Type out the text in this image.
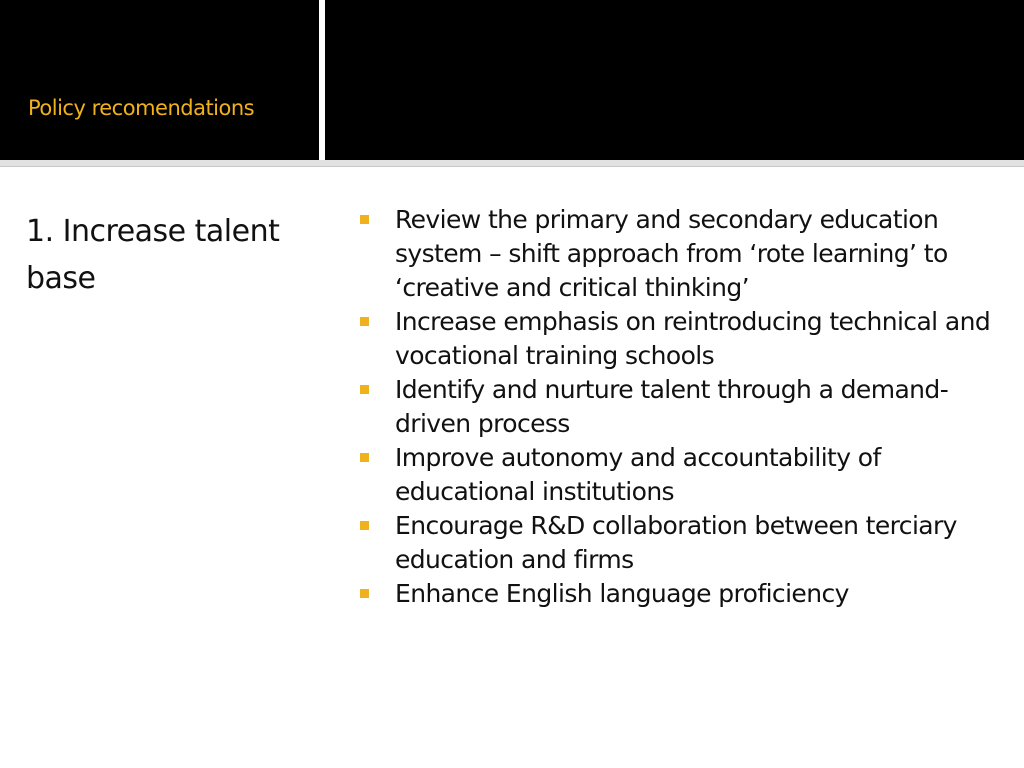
Policy recomendations
1. Increase talent base
Review the primary and secondary education system – shift approach from ‘rote learning’ to ‘creative and critical thinking’
Increase emphasis on reintroducing technical and vocational training schools
Identify and nurture talent through a demand-driven process
Improve autonomy and accountability of educational institutions
Encourage R&D collaboration between terciary education and firms
Enhance English language proficiency
